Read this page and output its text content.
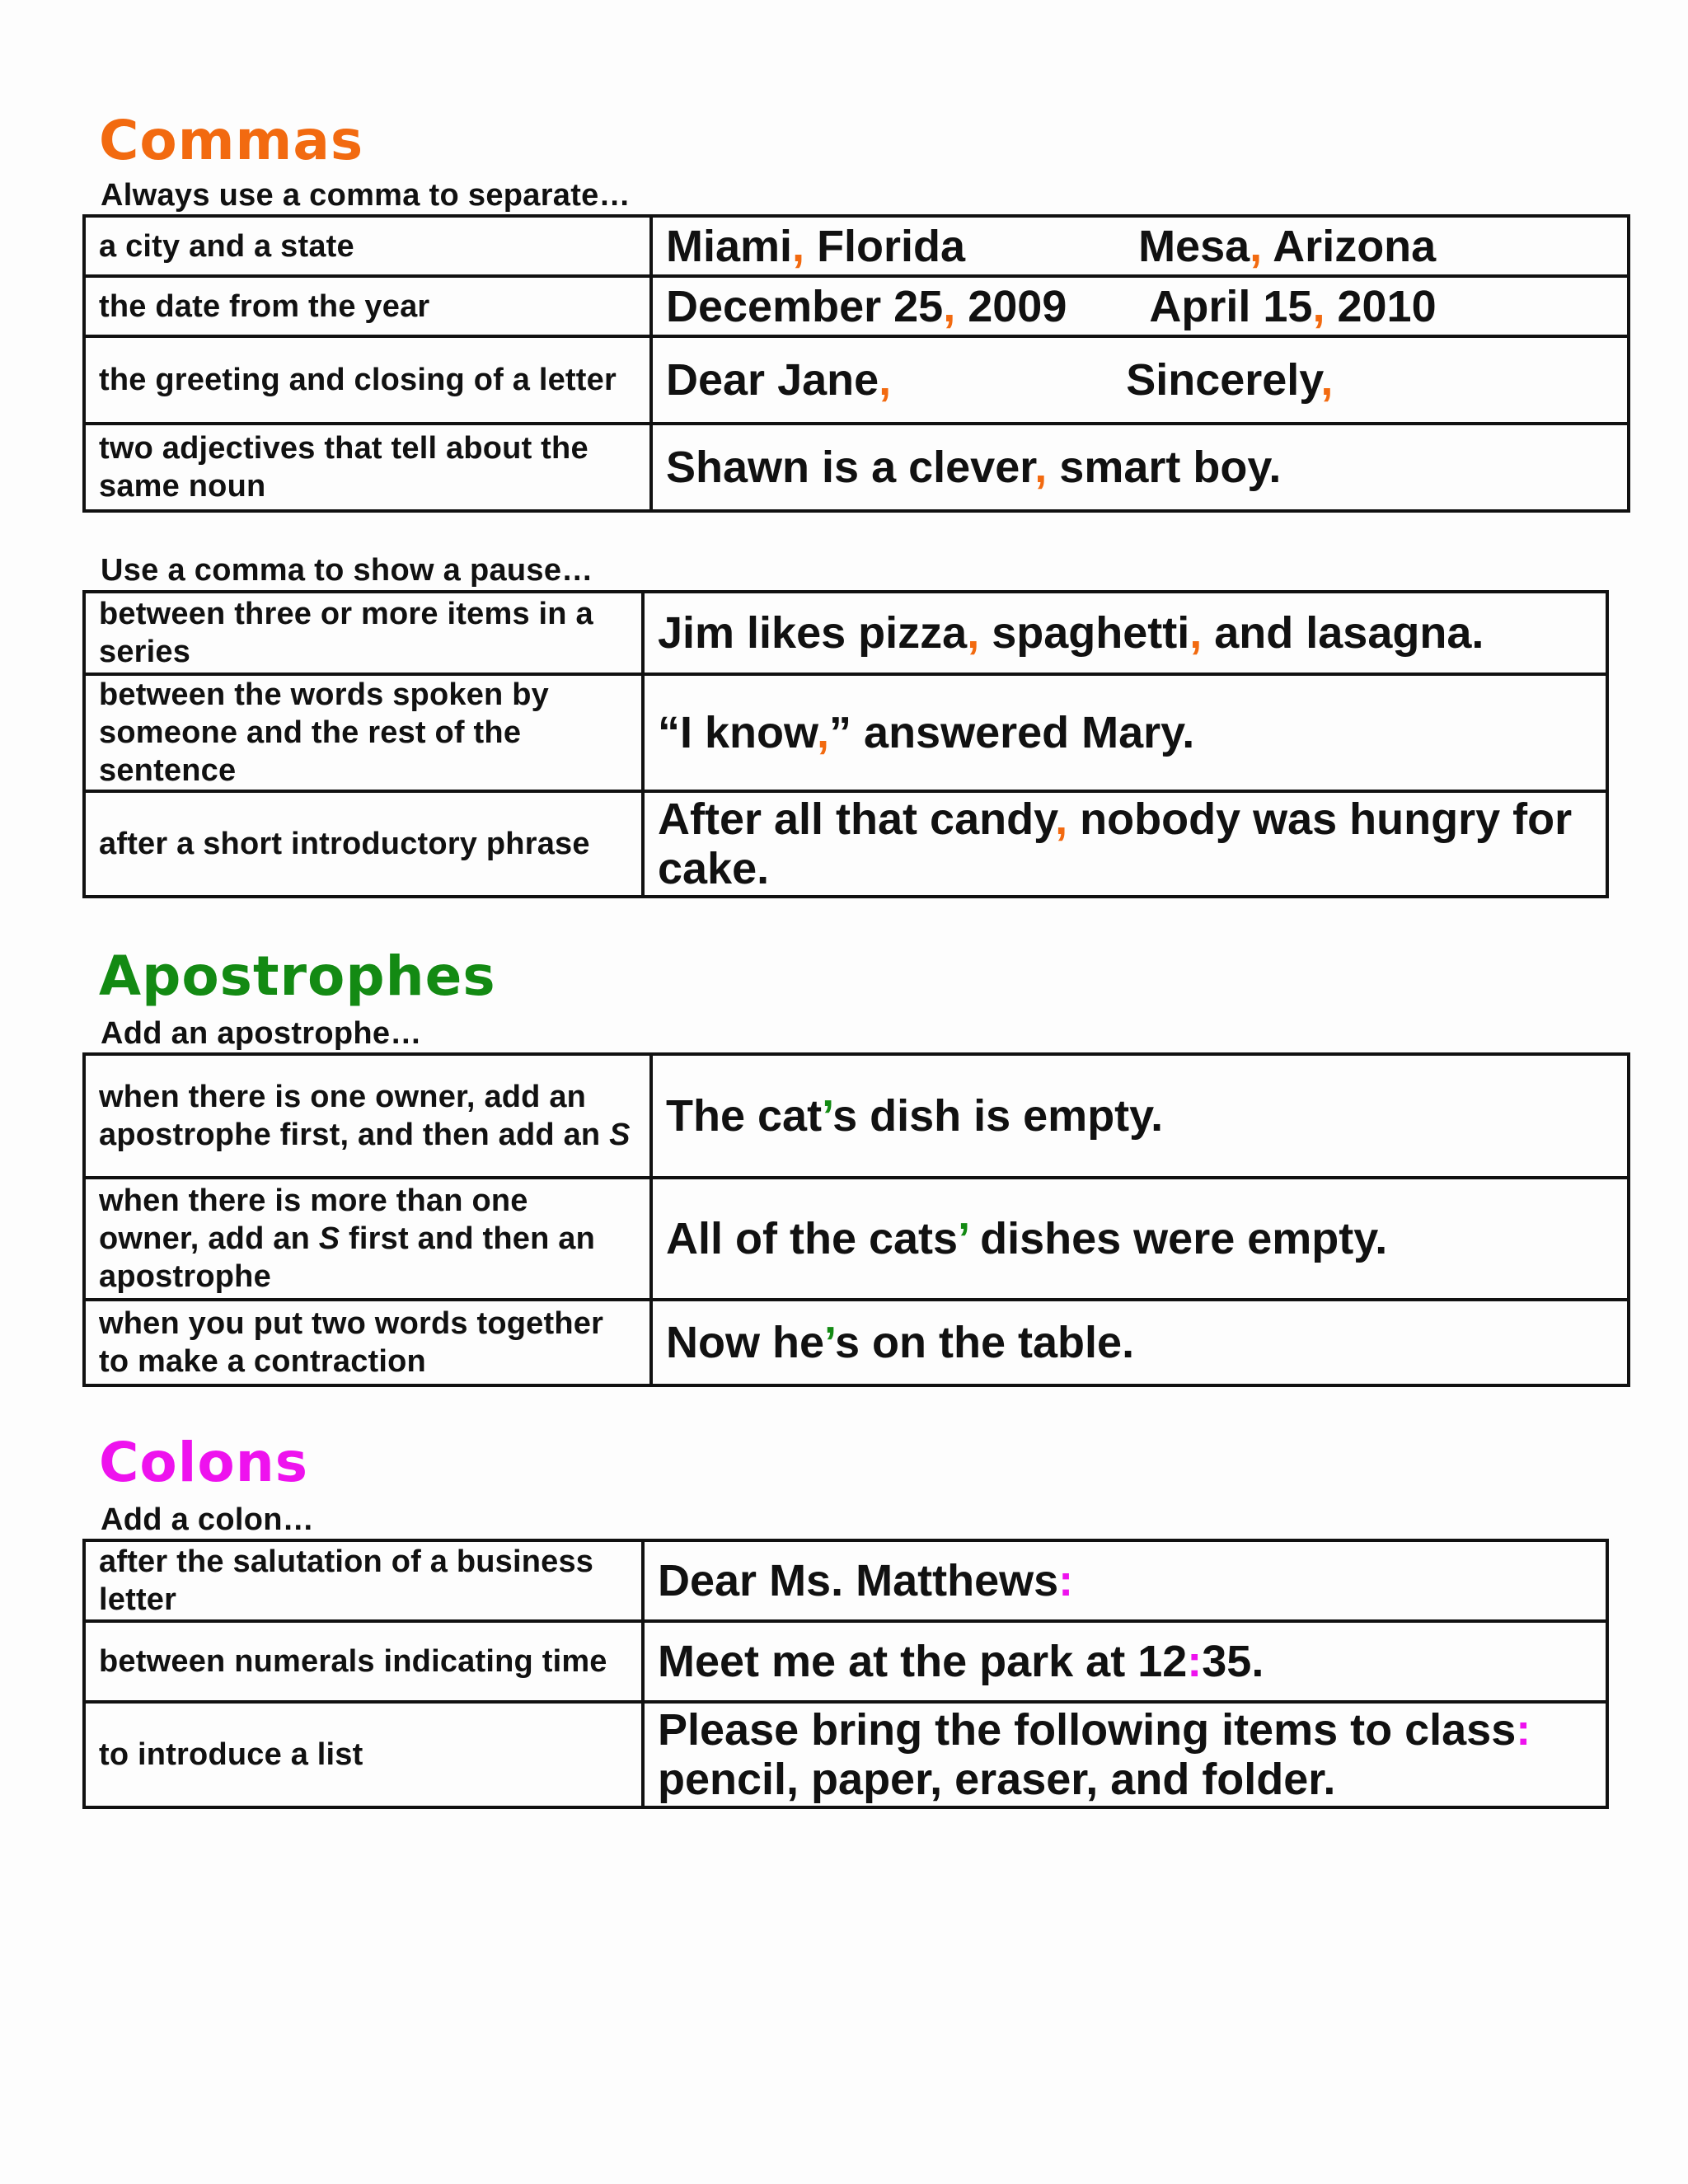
Commas
Always use a comma to separate…
a city and a state	Miami, Florida Mesa, Arizona
the date from the year	December 25, 2009 April 15, 2010
the greeting and closing of a letter	Dear Jane, Sincerely,
two adjectives that tell about the same noun	Shawn is a clever, smart boy.
Use a comma to show a pause…
between three or more items in a series	Jim likes pizza, spaghetti, and lasagna.
between the words spoken by someone and the rest of the sentence	“I know,” answered Mary.
after a short introductory phrase	After all that candy, nobody was hungry for cake.
Apostrophes
Add an apostrophe…
when there is one owner, add an apostrophe first, and then add an S	The cat’s dish is empty.
when there is more than one owner, add an S first and then an apostrophe	All of the cats’ dishes were empty.
when you put two words together to make a contraction	Now he’s on the table.
Colons
Add a colon…
after the salutation of a business letter	Dear Ms. Matthews:
between numerals indicating time	Meet me at the park at 12:35.
to introduce a list	Please bring the following items to class: pencil, paper, eraser, and folder.
